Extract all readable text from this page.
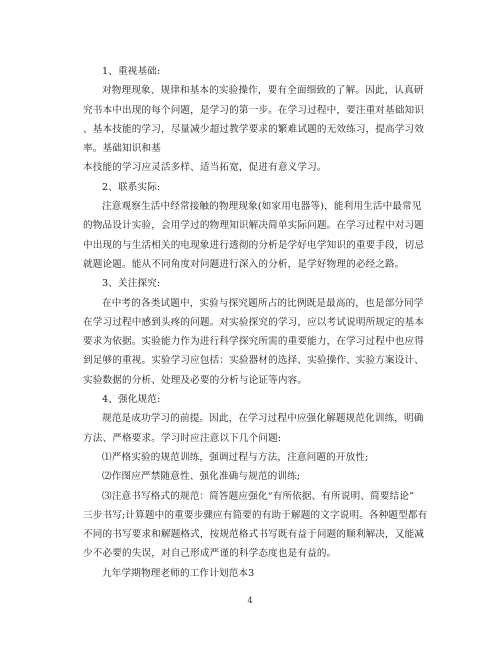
1、重视基础:
对物理现象、规律和基本的实验操作，要有全面细致的了解。因此，认真研
究书本中出现的每个问题，是学习的第一步。在学习过程中，要注重对基础知识
、基本技能的学习，尽量减少超过教学要求的繁难试题的无效练习，提高学习效
率。基础知识和基
本技能的学习应灵活多样、适当拓宽，促进有意义学习。
2、联系实际:
注意观察生活中经常接触的物理现象(如家用电器等)，能利用生活中最常见
的物品设计实验，会用学过的物理知识解决简单实际问题。在学习过程中对习题
中出现的与生活相关的电现象进行透彻的分析是学好电学知识的重要手段，切忌
就题论题。能从不同角度对问题进行深入的分析，是学好物理的必经之路。
3、关注探究:
在中考的各类试题中，实验与探究题所占的比例既是最高的，也是部分同学
在学习过程中感到头疼的问题。对实验探究的学习，应以考试说明所规定的基本
要求为依据。实验能力作为进行科学探究所需的重要能力，在学习过程中也应得
到足够的重视。实验学习应包括：实验器材的选择、实验操作、实验方案设计、
实验数据的分析、处理及必要的分析与论证等内容。
4、强化规范:
规范是成功学习的前提。因此，在学习过程中应强化解题规范化训练，明确
方法、严格要求。学习时应注意以下几个问题:
⑴严格实验的规范训练，强调过程与方法，注意问题的开放性;
⑵作图应严禁随意性、强化准确与规范的训练;
⑶注意书写格式的规范：简答题应强化“有所依据、有所说明、简要结论”
三步书写;计算题中的重要步骤应有简要的有助于解题的文字说明。各种题型都有
不同的书写要求和解题格式，按规范格式书写既有益于问题的顺利解决，又能减
少不必要的失误，对自己形成严谨的科学态度也是有益的。
九年学期物理老师的工作计划范本3
4
